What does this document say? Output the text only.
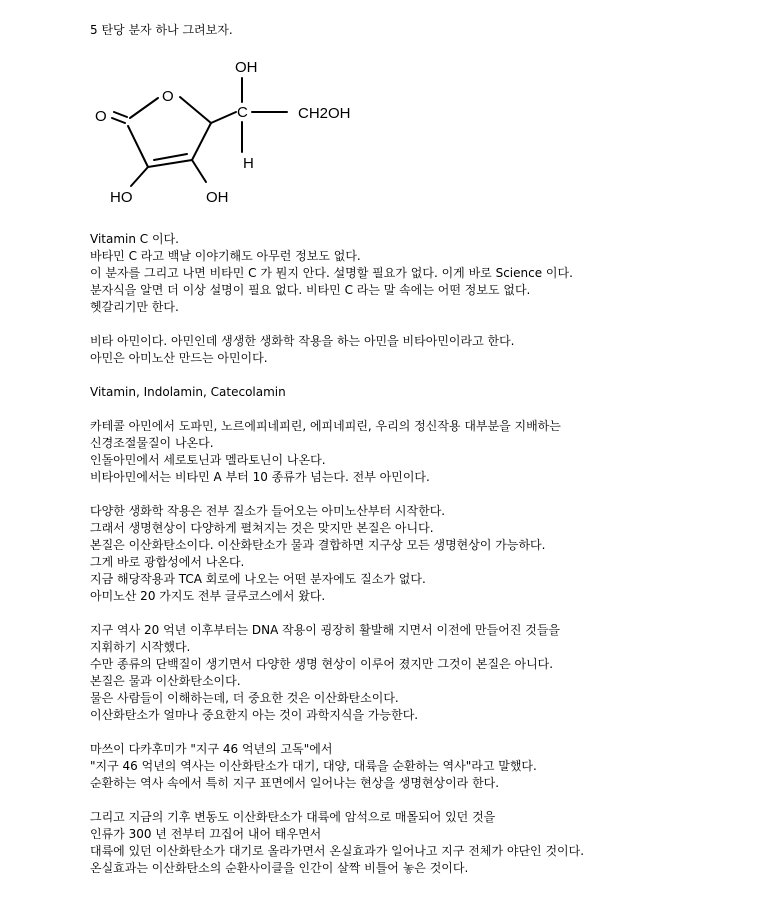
5 탄당 분자 하나 그려보자.

O
O
OH
C	CH2OH
H
HO	OH

Vitamin C 이다.
바타민 C 라고 백날 이야기해도 아무런 정보도 없다.
이 분자를 그리고 나면 비타민 C 가 뭔지 안다. 설명할 필요가 없다. 이게 바로 Science 이다.
분자식을 알면 더 이상 설명이 필요 없다. 비타민 C 라는 말 속에는 어떤 정보도 없다.
헷갈리기만 한다.

비타 아민이다. 아민인데 생생한 생화학 작용을 하는 아민을 비타아민이라고 한다.
아민은 아미노산 만드는 아민이다.

Vitamin, Indolamin, Catecolamin

카테콜 아민에서 도파민, 노르에피네피린, 에피네피린, 우리의 정신작용 대부분을 지배하는
신경조절물질이 나온다.
인돌아민에서 세로토닌과 멜라토닌이 나온다.
비타아민에서는 비타민 A 부터 10 종류가 넘는다. 전부 아민이다.

다양한 생화학 작용은 전부 질소가 들어오는 아미노산부터 시작한다.
그래서 생명현상이 다양하게 펼쳐지는 것은 맞지만 본질은 아니다.
본질은 이산화탄소이다. 이산화탄소가 물과 결합하면 지구상 모든 생명현상이 가능하다.
그게 바로 광합성에서 나온다.
지금 해당작용과 TCA 회로에 나오는 어떤 분자에도 질소가 없다.
아미노산 20 가지도 전부 글루코스에서 왔다.

지구 역사 20 억년 이후부터는 DNA 작용이 굉장히 활발해 지면서 이전에 만들어진 것들을
지휘하기 시작했다.
수만 종류의 단백질이 생기면서 다양한 생명 현상이 이루어 졌지만 그것이 본질은 아니다.
본질은 물과 이산화탄소이다.
물은 사람들이 이해하는데, 더 중요한 것은 이산화탄소이다.
이산화탄소가 얼마나 중요한지 아는 것이 과학지식을 가능한다.

마쓰이 다카후미가 "지구 46 억년의 고독"에서
"지구 46 억년의 역사는 이산화탄소가 대기, 대양, 대륙을 순환하는 역사"라고 말했다.
순환하는 역사 속에서 특히 지구 표면에서 일어나는 현상을 생명현상이라 한다.

그리고 지금의 기후 변동도 이산화탄소가 대륙에 암석으로 매몰되어 있던 것을
인류가 300 년 전부터 끄집어 내어 태우면서
대륙에 있던 이산화탄소가 대기로 올라가면서 온실효과가 일어나고 지구 전체가 야단인 것이다.
온실효과는 이산화탄소의 순환사이클을 인간이 살짝 비틀어 놓은 것이다.
